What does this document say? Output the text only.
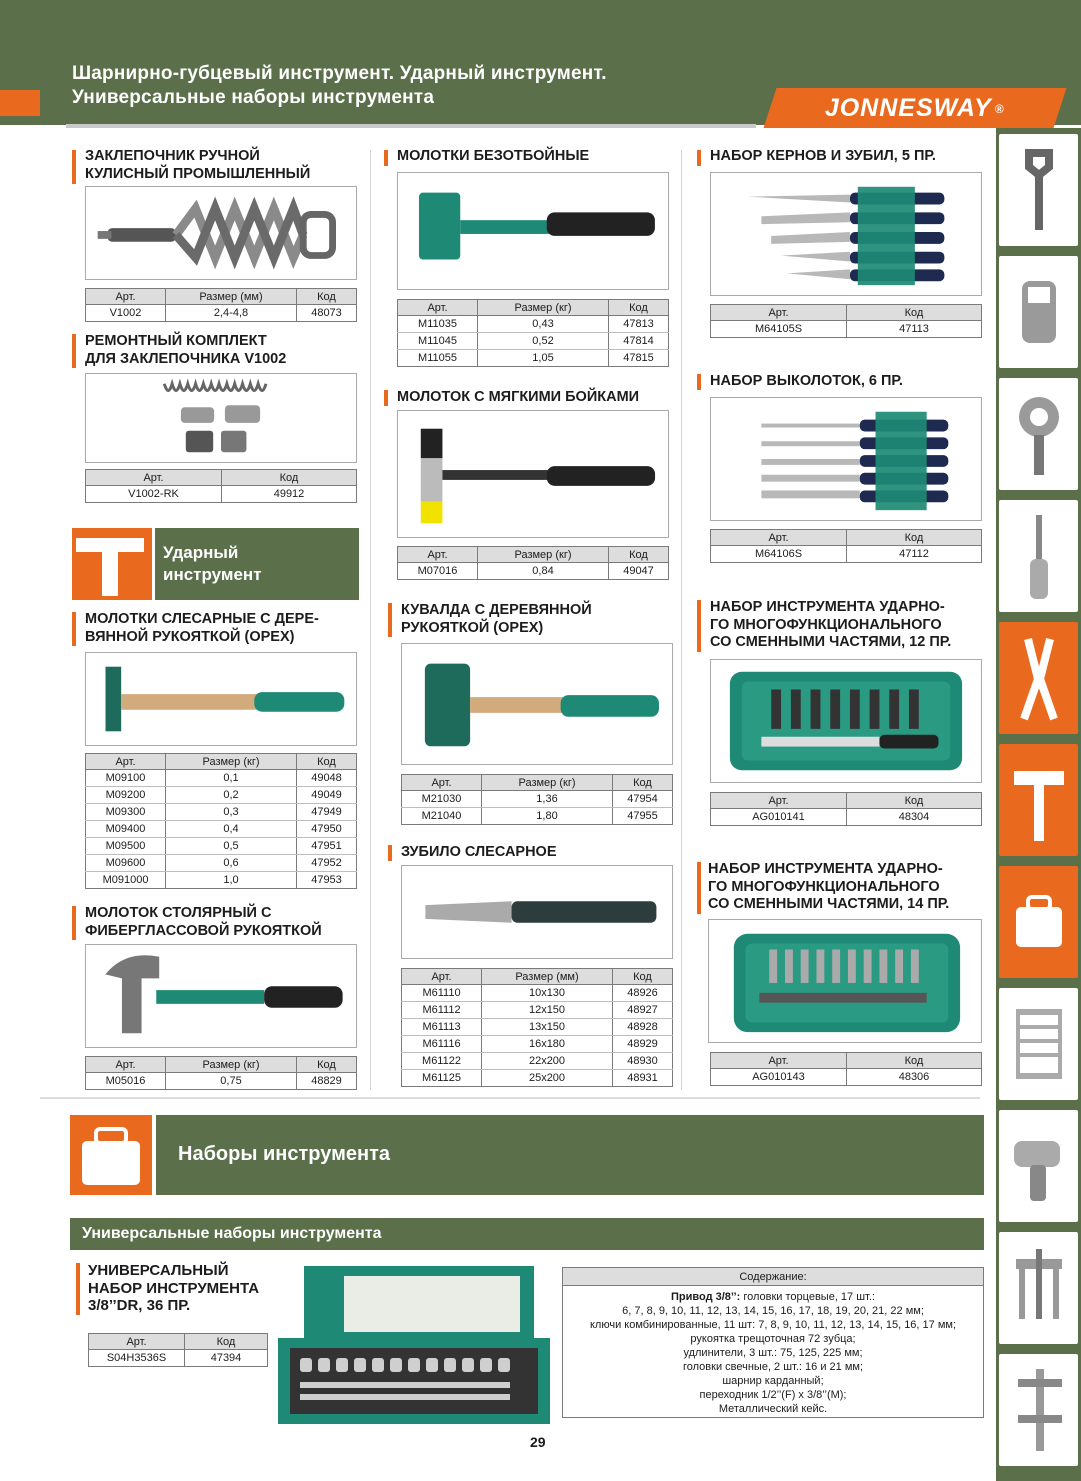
Шарнирно-губцевый инструмент. Ударный инструмент.
Универсальные наборы инструмента	JONNESWAY ®
ЗАКЛЕПОЧНИК РУЧНОЙ
КУЛИСНЫЙ ПРОМЫШЛЕННЫЙ
Арт.	Размер (мм)	Код
V1002	2,4-4,8	48073
РЕМОНТНЫЙ КОМПЛЕКТ
ДЛЯ ЗАКЛЕПОЧНИКА V1002
Арт.	Код
V1002-RK	49912
Ударный
инструмент
МОЛОТКИ СЛЕСАРНЫЕ С ДЕРЕ-
ВЯННОЙ РУКОЯТКОЙ (ОРЕХ)
Арт.	Размер (кг)	Код
M09100	0,1	49048
M09200	0,2	49049
M09300	0,3	47949
M09400	0,4	47950
M09500	0,5	47951
M09600	0,6	47952
M091000	1,0	47953
МОЛОТОК СТОЛЯРНЫЙ С
ФИБЕРГЛАССОВОЙ РУКОЯТКОЙ
Арт.	Размер (кг)	Код
M05016	0,75	48829
МОЛОТКИ БЕЗОТБОЙНЫЕ
Арт.	Размер (кг)	Код
M11035	0,43	47813
M11045	0,52	47814
M11055	1,05	47815
МОЛОТОК С МЯГКИМИ БОЙКАМИ
Арт.	Размер (кг)	Код
M07016	0,84	49047
КУВАЛДА С ДЕРЕВЯННОЙ
РУКОЯТКОЙ (ОРЕХ)
Арт.	Размер (кг)	Код
M21030	1,36	47954
M21040	1,80	47955
ЗУБИЛО СЛЕСАРНОЕ
Арт.	Размер (мм)	Код
M61110	10x130	48926
M61112	12x150	48927
M61113	13x150	48928
M61116	16x180	48929
M61122	22x200	48930
M61125	25x200	48931
НАБОР КЕРНОВ И ЗУБИЛ, 5 ПР.
Арт.	Код
M64105S	47113
НАБОР ВЫКОЛОТОК, 6 ПР.
Арт.	Код
M64106S	47112
НАБОР ИНСТРУМЕНТА УДАРНО-
ГО МНОГОФУНКЦИОНАЛЬНОГО
СО СМЕННЫМИ ЧАСТЯМИ, 12 ПР.
Арт.	Код
AG010141	48304
НАБОР ИНСТРУМЕНТА УДАРНО-
ГО МНОГОФУНКЦИОНАЛЬНОГО
СО СМЕННЫМИ ЧАСТЯМИ, 14 ПР.
Арт.	Код
AG010143	48306
Наборы инструмента
Универсальные наборы инструмента
УНИВЕРСАЛЬНЫЙ
НАБОР ИНСТРУМЕНТА
3/8’’DR, 36 ПР.
Арт.	Код
S04H3536S	47394
Содержание:
Привод 3/8’’: головки торцевые, 17 шт.:
6, 7, 8, 9, 10, 11, 12, 13, 14, 15, 16, 17, 18, 19, 20, 21, 22 мм;
ключи комбинированные, 11 шт: 7, 8, 9, 10, 11, 12, 13, 14, 15, 16, 17 мм;
рукоятка трещоточная 72 зубца;
удлинители, 3 шт.: 75, 125, 225 мм;
головки свечные, 2 шт.: 16 и 21 мм;
шарнир карданный;
переходник 1/2’’(F) x 3/8’’(M);
Металлический кейс.
29
